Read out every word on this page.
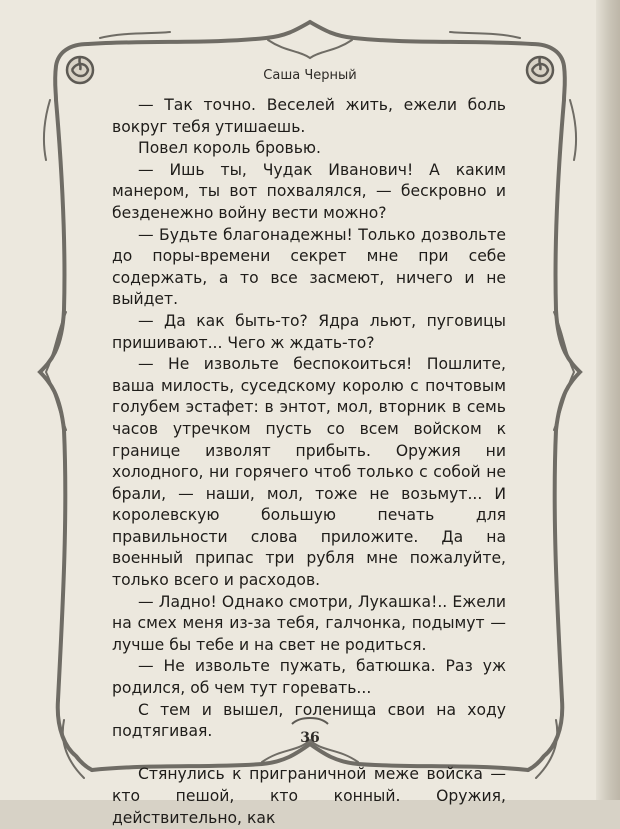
Саша Черный

— Так точно. Веселей жить, ежели боль вокруг тебя утишаешь.

Повел король бровью.

— Ишь ты, Чудак Иванович! А каким манером, ты вот похвалялся, — бескровно и безденежно войну вести можно?

— Будьте благонадежны! Только дозвольте до поры-времени секрет мне при себе содержать, а то все засмеют, ничего и не выйдет.

— Да как быть-то? Ядра льют, пуговицы пришивают... Чего ж ждать-то?

— Не извольте беспокоиться! Пошлите, ваша милость, суседскому королю с почтовым голубем эстафет: в энтот, мол, вторник в семь часов утречком пусть со всем войском к границе изволят прибыть. Оружия ни холодного, ни горячего чтоб только с собой не брали, — наши, мол, тоже не возьмут... И королевскую большую печать для правильности слова приложите. Да на военный припас три рубля мне пожалуйте, только всего и расходов.

— Ладно! Однако смотри, Лукашка!.. Ежели на смех меня из-за тебя, галчонка, подымут — лучше бы тебе и на свет не родиться.

— Не извольте пужать, батюшка. Раз уж родился, об чем тут горевать...

С тем и вышел, голенища свои на ходу подтягивая.

Стянулись к приграничной меже войска — кто пешой, кто конный. Оружия, действительно, как

36
